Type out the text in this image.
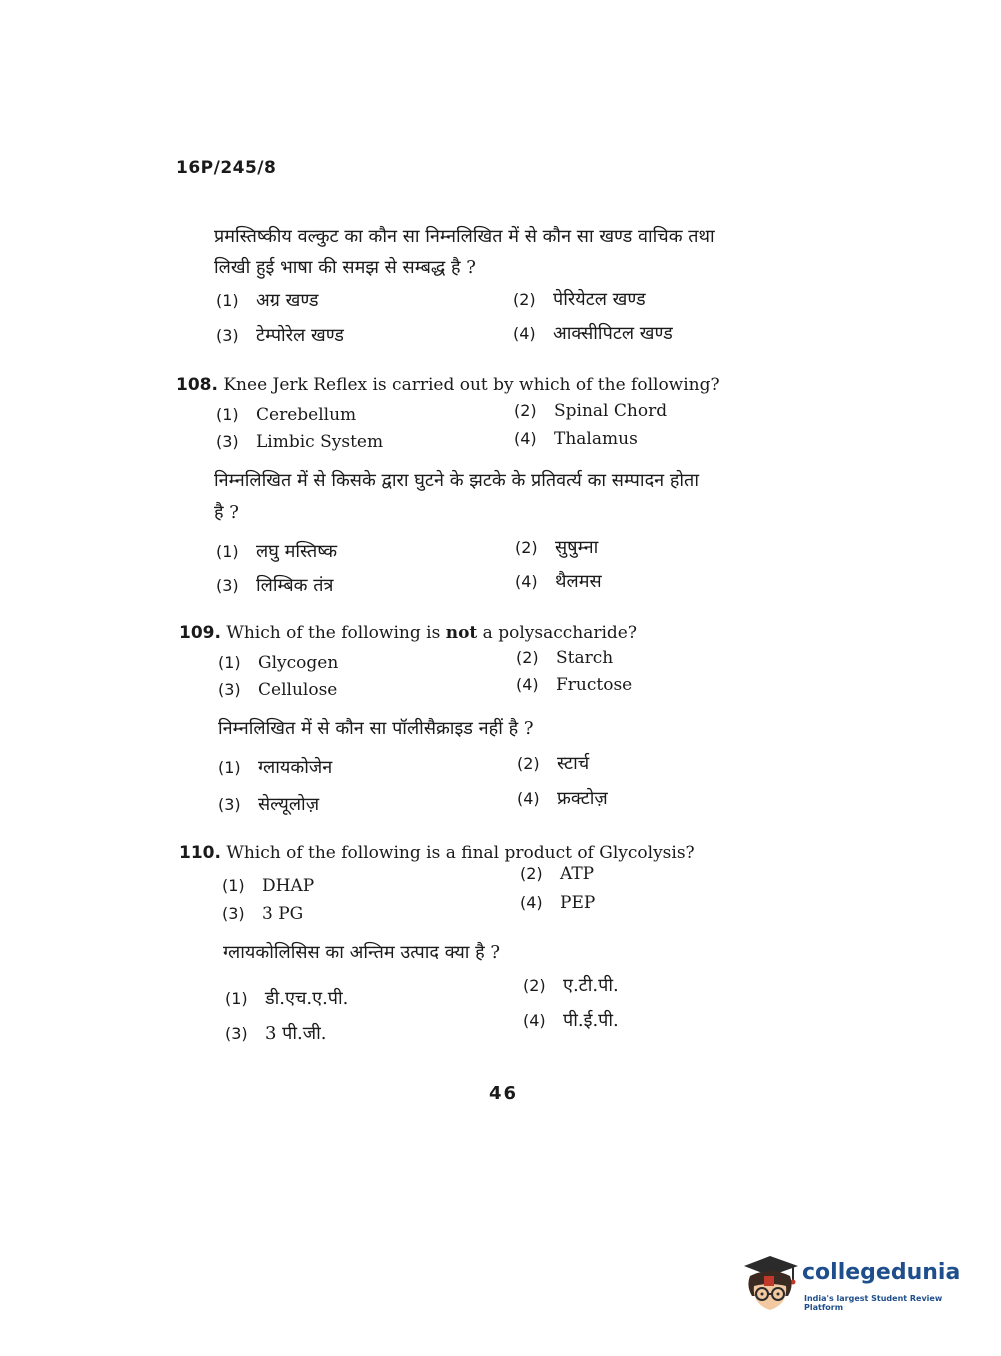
16P/245/8
प्रमस्तिष्कीय वल्कुट का कौन सा निम्नलिखित में से कौन सा खण्ड वाचिक तथा
लिखी हुई भाषा की समझ से सम्बद्ध है ?
(1) अग्र खण्ड	(2) पेरियेटल खण्ड
(3) टेम्पोरेल खण्ड	(4) आक्सीपिटल खण्ड
108. Knee Jerk Reflex is carried out by which of the following?
(1) Cerebellum	(2) Spinal Chord
(3) Limbic System	(4) Thalamus
निम्नलिखित में से किसके द्वारा घुटने के झटके के प्रतिवर्त्य का सम्पादन होता
है ?
(1) लघु मस्तिष्क	(2) सुषुम्ना
(3) लिम्बिक तंत्र	(4) थैलमस
109. Which of the following is not a polysaccharide?
(1) Glycogen	(2) Starch
(3) Cellulose	(4) Fructose
निम्नलिखित में से कौन सा पॉलीसैक्राइड नहीं है ?
(1) ग्लायकोजेन	(2) स्टार्च
(3) सेल्यूलोज़	(4) फ्रक्टोज़
110. Which of the following is a final product of Glycolysis?
(1) DHAP
(2) ATP
(3) 3 PG
(4) PEP
ग्लायकोलिसिस का अन्तिम उत्पाद क्या है ?
(1) डी.एच.ए.पी.
(2) ए.टी.पी.
(3) 3 पी.जी.
(4) पी.ई.पी.
46
collegedunia
India's largest Student Review Platform
